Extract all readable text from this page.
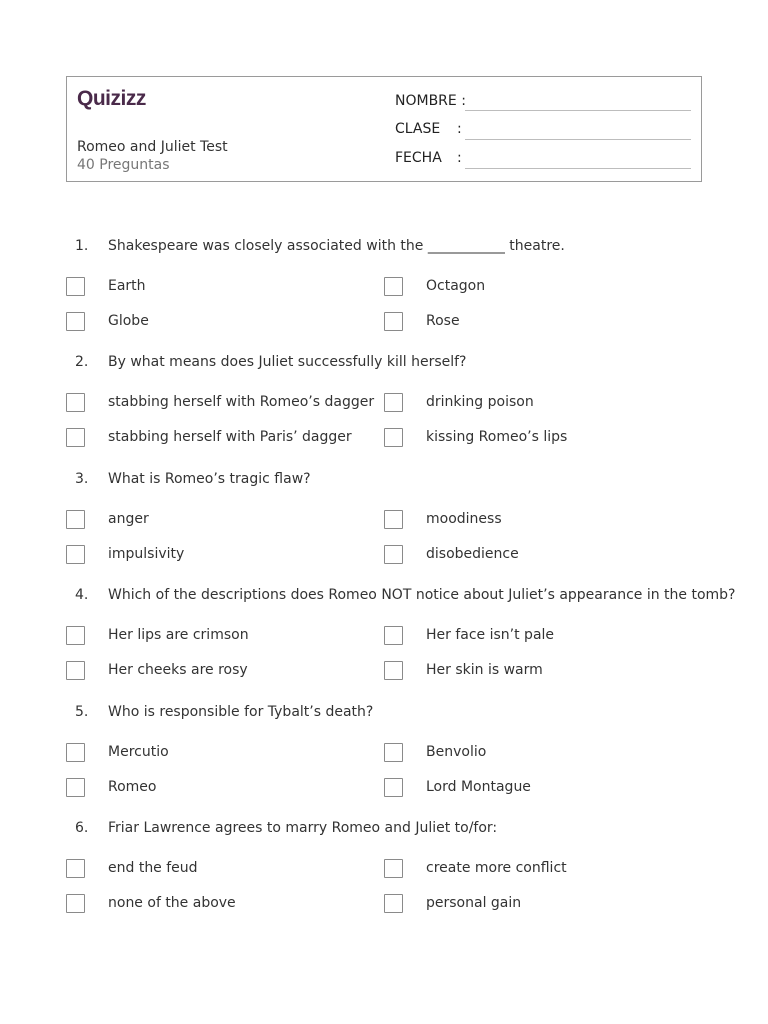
Quizizz
Romeo and Juliet Test
40 Preguntas
NOMBRE :
CLASE :
FECHA :
1. Shakespeare was closely associated with the ___________ theatre.
Earth	Octagon
Globe	Rose
2. By what means does Juliet successfully kill herself?
stabbing herself with Romeo’s dagger	drinking poison
stabbing herself with Paris’ dagger	kissing Romeo’s lips
3. What is Romeo’s tragic flaw?
anger	moodiness
impulsivity	disobedience
4. Which of the descriptions does Romeo NOT notice about Juliet’s appearance in the tomb?
Her lips are crimson	Her face isn’t pale
Her cheeks are rosy	Her skin is warm
5. Who is responsible for Tybalt’s death?
Mercutio	Benvolio
Romeo	Lord Montague
6. Friar Lawrence agrees to marry Romeo and Juliet to/for:
end the feud	create more conflict
none of the above	personal gain
